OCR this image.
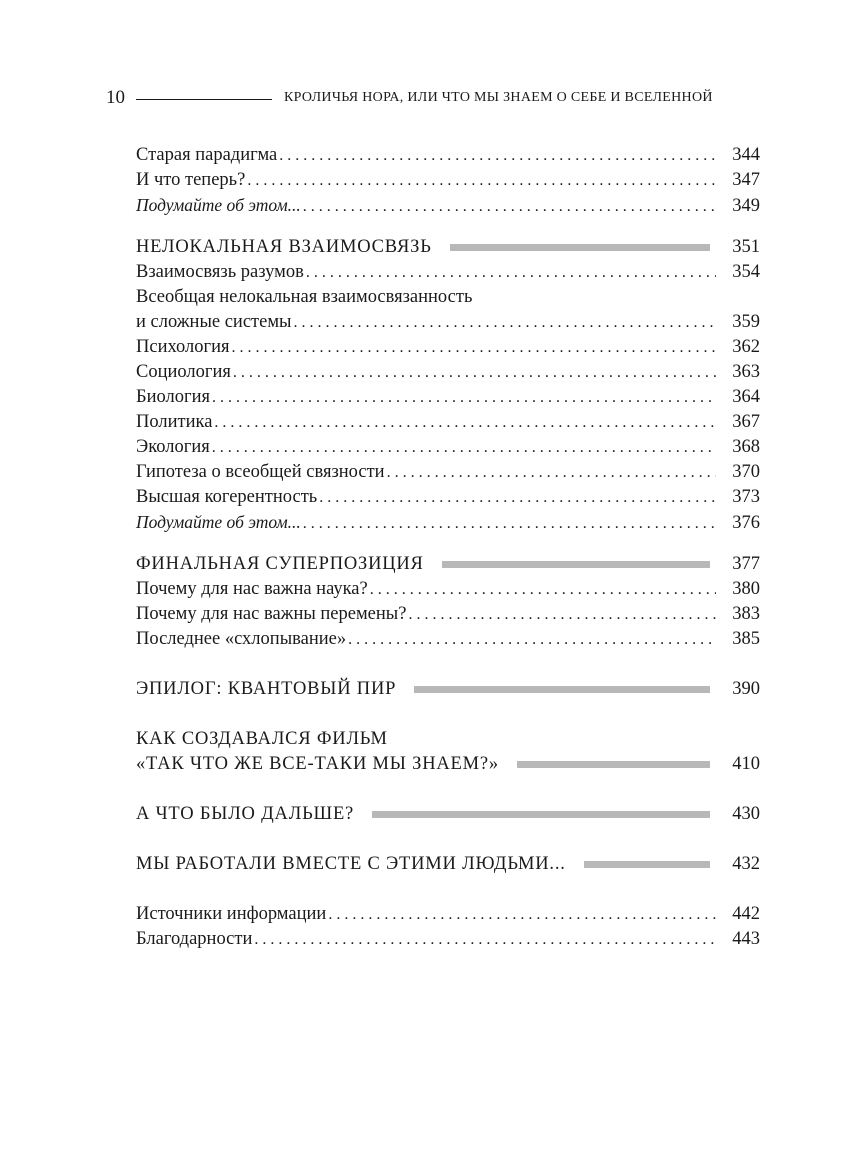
10	КРОЛИЧЬЯ НОРА, ИЛИ ЧТО МЫ ЗНАЕМ О СЕБЕ И ВСЕЛЕННОЙ
Старая парадигма . . .	344
И что теперь? . . .	347
Подумайте об этом... . . .	349
НЕЛОКАЛЬНАЯ ВЗАИМОСВЯЗЬ	351
Взаимосвязь разумов . . .	354
Всеобщая нелокальная взаимосвязанность
и сложные системы . . .	359
Психология . . .	362
Социология . . .	363
Биология . . .	364
Политика . . .	367
Экология . . .	368
Гипотеза о всеобщей связности . . .	370
Высшая когерентность . . .	373
Подумайте об этом... . . .	376
ФИНАЛЬНАЯ СУПЕРПОЗИЦИЯ	377
Почему для нас важна наука? . . .	380
Почему для нас важны перемены? . . .	383
Последнее «схлопывание» . . .	385
ЭПИЛОГ: КВАНТОВЫЙ ПИР	390
КАК СОЗДАВАЛСЯ ФИЛЬМ
«ТАК ЧТО ЖЕ ВСЕ-ТАКИ МЫ ЗНАЕМ?»	410
А ЧТО БЫЛО ДАЛЬШЕ?	430
МЫ РАБОТАЛИ ВМЕСТЕ С ЭТИМИ ЛЮДЬМИ...	432
Источники информации . . .	442
Благодарности . . .	443
